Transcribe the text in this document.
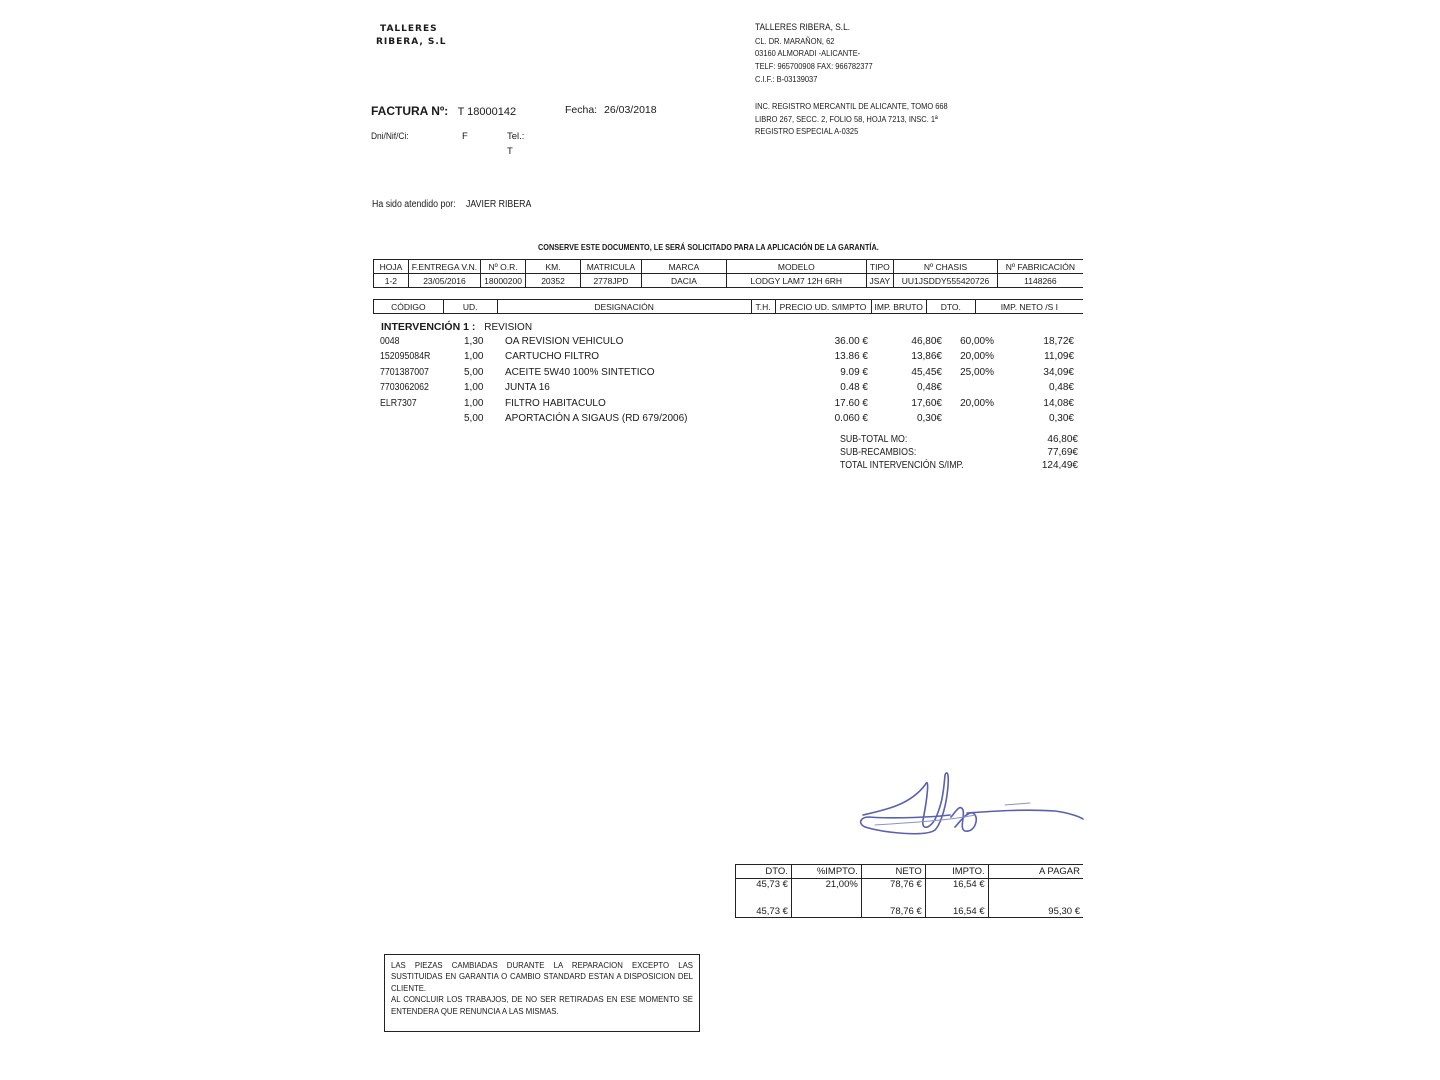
TALLERES
RIBERA, S.L
TALLERES RIBERA, S.L.
CL. DR. MARAÑON, 62
03160 ALMORADI -ALICANTE-
TELF: 965700908 FAX: 966782377
C.I.F.: B-03139037
FACTURA Nº: T 18000142	Fecha: 26/03/2018	INC. REGISTRO MERCANTIL DE ALICANTE, TOMO 668
LIBRO 267, SECC. 2, FOLIO 58, HOJA 7213, INSC. 1ª
REGISTRO ESPECIAL A-0325
Dni/Nif/Ci:	F	Tel.:
T
Ha sido atendido por: JAVIER RIBERA
CONSERVE ESTE DOCUMENTO, LE SERÁ SOLICITADO PARA LA APLICACIÓN DE LA GARANTÍA.
HOJA	F.ENTREGA V.N.	Nº O.R.	KM.	MATRICULA	MARCA	MODELO	TIPO	Nº CHASIS	Nº FABRICACIÓN
1-2	23/05/2016	18000200	20352	2778JPD	DACIA	LODGY LAM7 12H 6RH	JSAY	UU1JSDDY555420726	1148266
CÓDIGO	UD.	DESIGNACIÓN	T.H.	PRECIO UD. S/IMPTO	IMP. BRUTO	DTO.	IMP. NETO /S I
INTERVENCIÓN 1 : REVISION
0048	1,30 OA REVISION VEHICULO	36.00 €	46,80€ 60,00%	18,72€
152095084R	1,00 CARTUCHO FILTRO	13.86 €	13,86€ 20,00%	11,09€
7701387007	5,00 ACEITE 5W40 100% SINTETICO	9.09 €	45,45€ 25,00%	34,09€
7703062062	1,00 JUNTA 16	0.48 €	0,48€	0,48€
ELR7307	1,00 FILTRO HABITACULO	17.60 €	17,60€ 20,00%	14,08€
5,00 APORTACIÓN A SIGAUS (RD 679/2006)	0.060 €	0,30€	0,30€
SUB-TOTAL MO:	46,80€
SUB-RECAMBIOS:	77,69€
TOTAL INTERVENCIÓN S/IMP.	124,49€
DTO.	%IMPTO.	NETO	IMPTO.	A PAGAR
45,73 €	21,00%	78,76 €	16,54 €	
45,73 €		78,76 €	16,54 €	95,30 €
LAS PIEZAS CAMBIADAS DURANTE LA REPARACION EXCEPTO LAS SUSTITUIDAS EN GARANTIA O CAMBIO STANDARD ESTAN A DISPOSICION DEL CLIENTE.
AL CONCLUIR LOS TRABAJOS, DE NO SER RETIRADAS EN ESE MOMENTO SE ENTENDERA QUE RENUNCIA A LAS MISMAS.
